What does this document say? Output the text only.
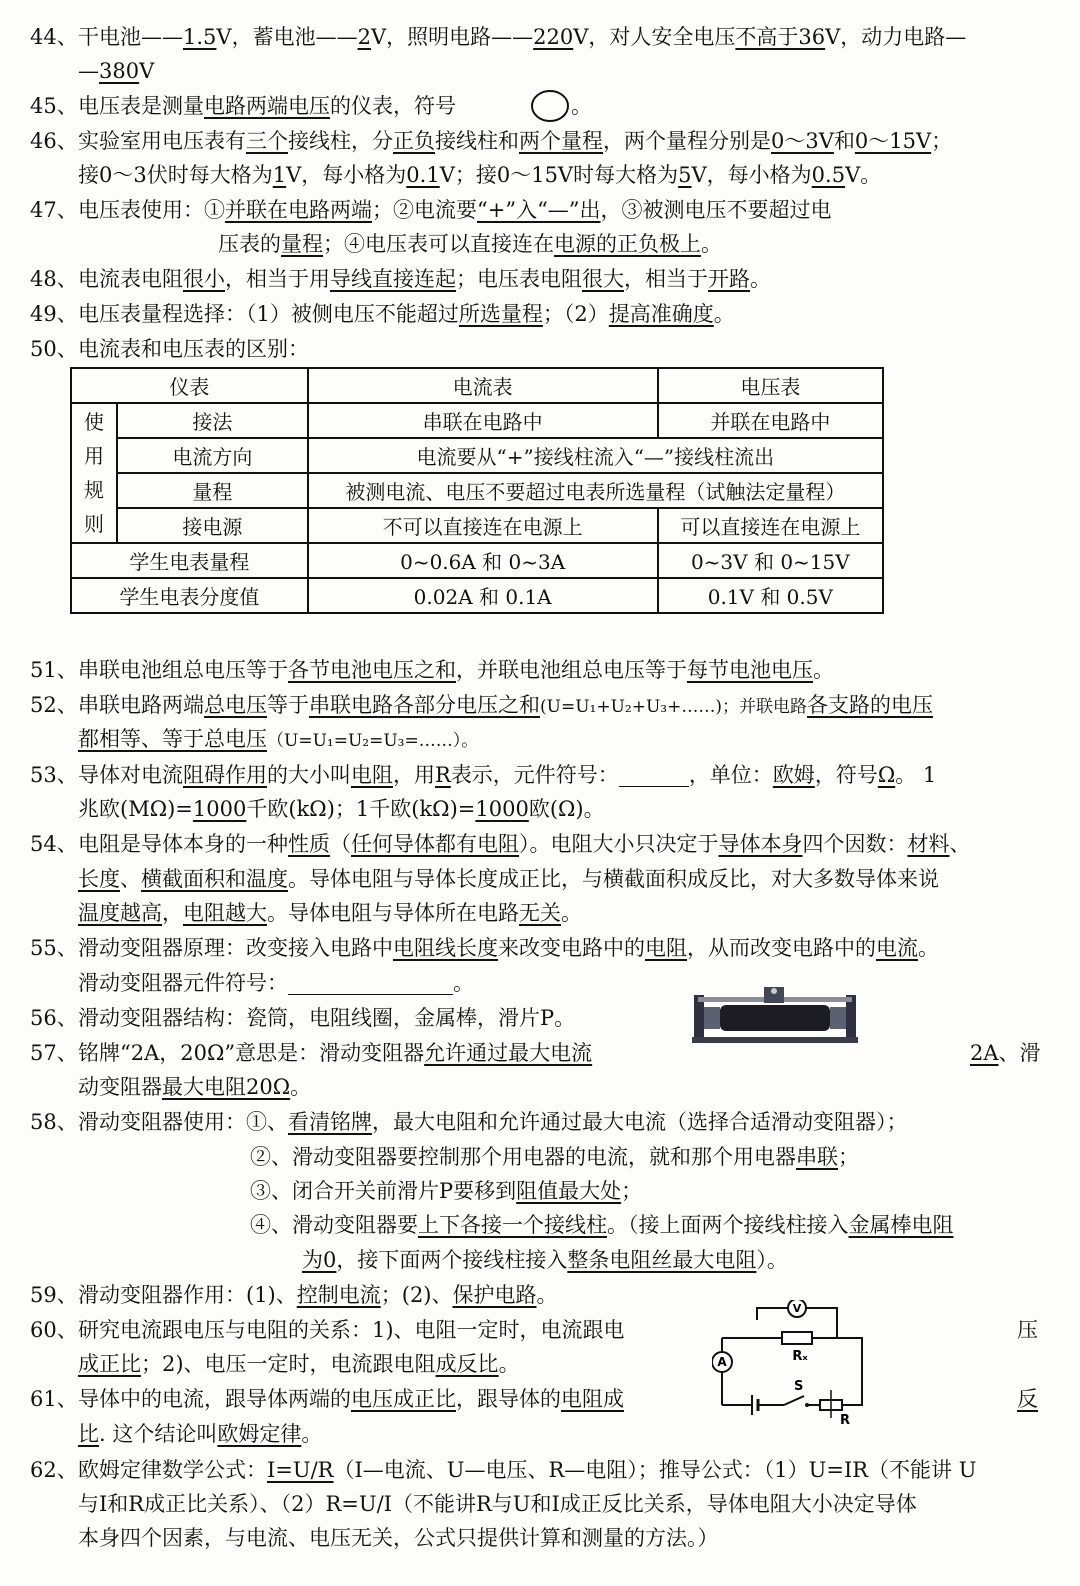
44、干电池——1.5V，蓄电池——2V，照明电路——220V，对人安全电压不高于36V，动力电路—
—380V
45、电压表是测量电路两端电压的仪表，符号	。
46、实验室用电压表有三个接线柱，分正负接线柱和两个量程，两个量程分别是0～3V和0～15V；
接0～3伏时每大格为1V，每小格为0.1V；接0～15V时每大格为5V，每小格为0.5V。
47、电压表使用：①并联在电路两端；②电流要“+”入“—”出，③被测电压不要超过电
压表的量程；④电压表可以直接连在电源的正负极上。
48、电流表电阻很小，相当于用导线直接连起；电压表电阻很大，相当于开路。
49、电压表量程选择：（1）被侧电压不能超过所选量程；（2）提高准确度。
50、电流表和电压表的区别：
仪表		电流表	电压表
使
用
规
则	接法	串联在电路中	并联在电路中
	电流方向	电流要从“+”接线柱流入“—”接线柱流出	
	量程	被测电流、电压不要超过电表所选量程（试触法定量程）	
	接电源	不可以直接连在电源上	可以直接连在电源上
学生电表量程		0~0.6A 和 0~3A	0~3V 和 0~15V
学生电表分度值		0.02A 和 0.1A	0.1V 和 0.5V
51、串联电池组总电压等于各节电池电压之和，并联电池组总电压等于每节电池电压。
52、串联电路两端总电压等于串联电路各部分电压之和(U=U₁+U₂+U₃+……)；并联电路各支路的电压
都相等、等于总电压（U=U₁=U₂=U₃=……）。
53、导体对电流阻碍作用的大小叫电阻，用R表示，元件符号：	，单位：欧姆，符号Ω。 1
兆欧(MΩ)=1000千欧(kΩ)；1千欧(kΩ)=1000欧(Ω)。
54、电阻是导体本身的一种性质（任何导体都有电阻）。电阻大小只决定于导体本身四个因数：材料、
长度、横截面积和温度。导体电阻与导体长度成正比，与横截面积成反比，对大多数导体来说
温度越高，电阻越大。导体电阻与导体所在电路无关。
55、滑动变阻器原理：改变接入电路中电阻线长度来改变电路中的电阻，从而改变电路中的电流。
滑动变阻器元件符号：	。
56、滑动变阻器结构：瓷筒，电阻线圈，金属棒，滑片P。
57、铭牌“2A，20Ω”意思是：滑动变阻器允许通过最大电流	2A、滑
动变阻器最大电阻20Ω。
58、滑动变阻器使用：①、看清铭牌，最大电阻和允许通过最大电流（选择合适滑动变阻器）；
②、滑动变阻器要控制那个用电器的电流，就和那个用电器串联；
③、闭合开关前滑片P要移到阻值最大处；
④、滑动变阻器要上下各接一个接线柱。（接上面两个接线柱接入金属棒电阻
为0，接下面两个接线柱接入整条电阻丝最大电阻）。
59、滑动变阻器作用：(1)、控制电流；(2)、保护电路。
60、研究电流跟电压与电阻的关系：1)、电阻一定时，电流跟电	压
成正比；2)、电压一定时，电流跟电阻成反比。
V
Rₓ
A
S
R
61、导体中的电流，跟导体两端的电压成正比，跟导体的电阻成	反
比. 这个结论叫欧姆定律。
62、欧姆定律数学公式：I=U/R（I—电流、U—电压、R—电阻）；推导公式：（1）U=IR（不能讲 U
与I和R成正比关系）、（2）R=U/I（不能讲R与U和I成正反比关系，导体电阻大小决定导体
本身四个因素，与电流、电压无关，公式只提供计算和测量的方法。）
